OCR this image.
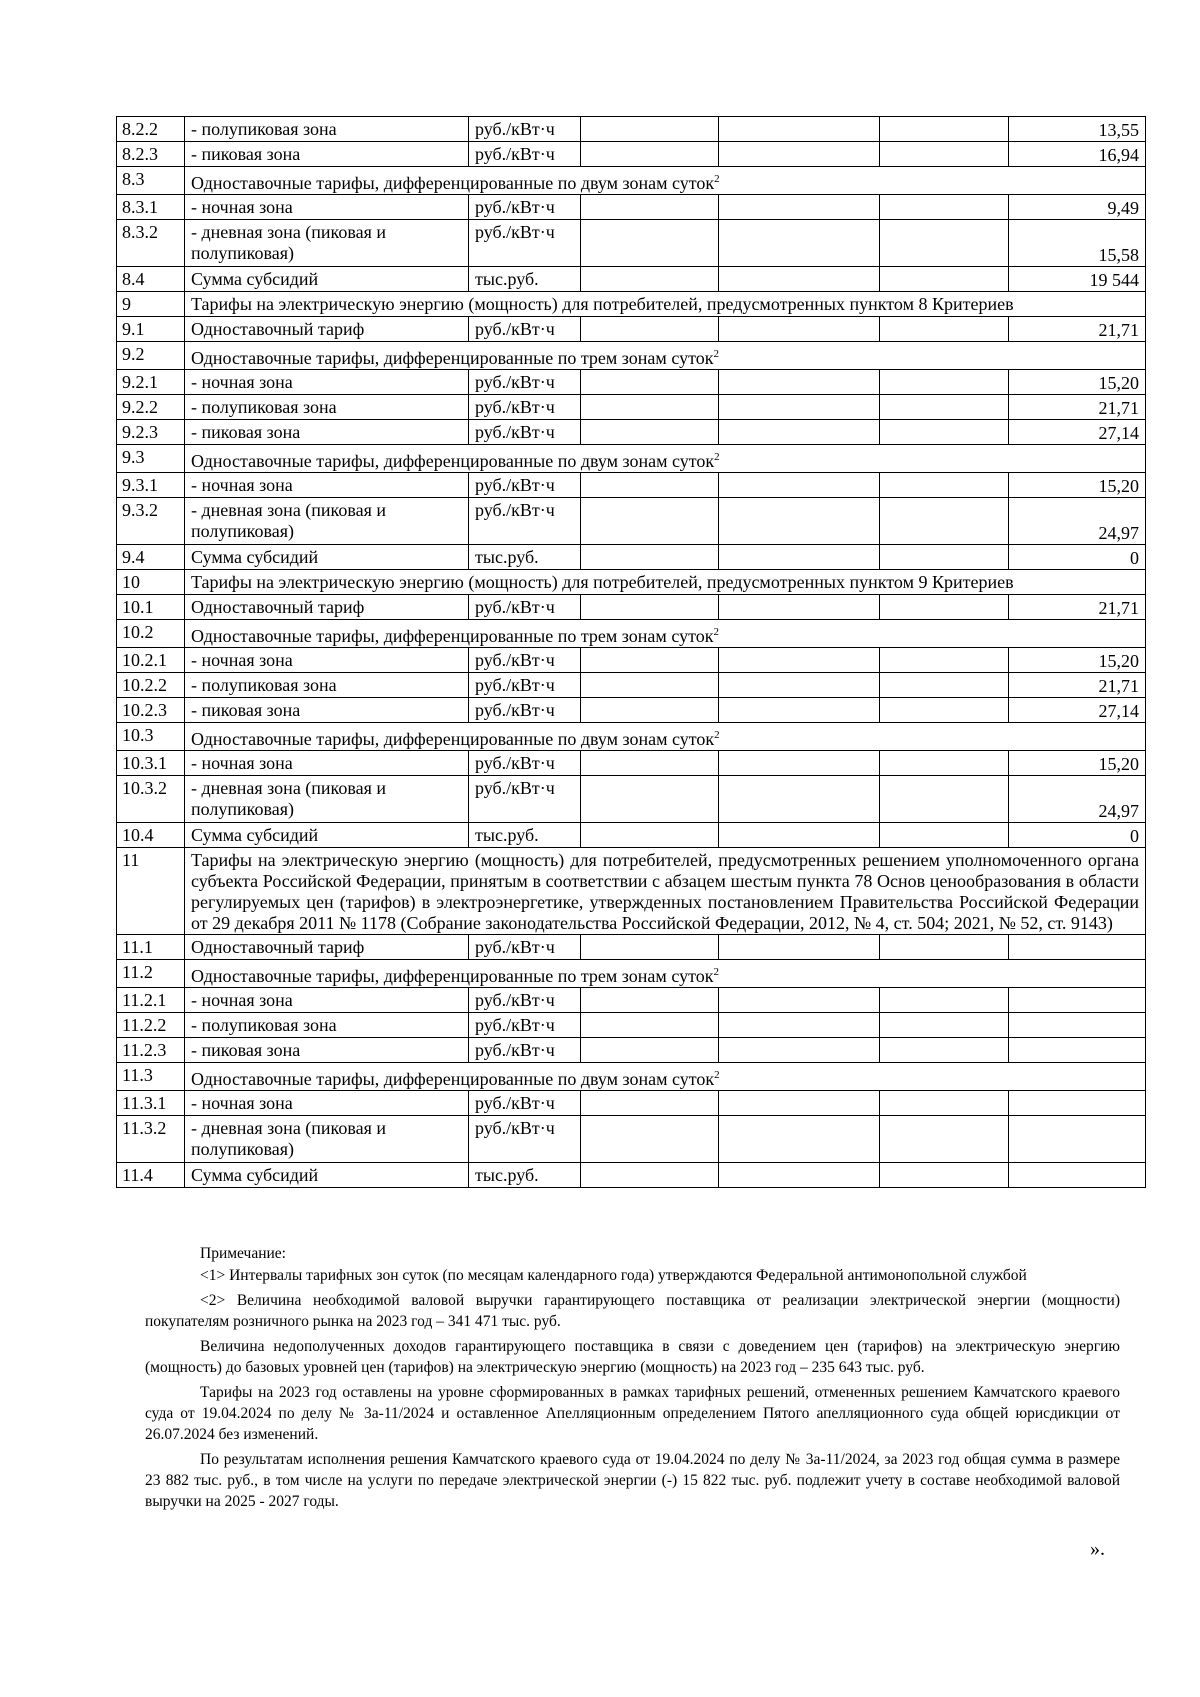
8.2.2	- полупиковая зона	руб./кВт·ч				13,55
8.2.3	- пиковая зона	руб./кВт·ч				16,94
8.3	Одноставочные тарифы, дифференцированные по двум зонам суток$^2$
8.3.1	- ночная зона	руб./кВт·ч				9,49
8.3.2	- дневная зона (пиковая и полупиковая)	руб./кВт·ч				15,58
8.4	Сумма субсидий	тыс.руб.				19 544
9	Тарифы на электрическую энергию (мощность) для потребителей, предусмотренных пунктом 8 Критериев					
9.1	Одноставочный тариф	руб./кВт·ч				21,71
9.2	Одноставочные тарифы, дифференцированные по трем зонам суток$^2$
9.2.1	- ночная зона	руб./кВт·ч				15,20
9.2.2	- полупиковая зона	руб./кВт·ч				21,71
9.2.3	- пиковая зона	руб./кВт·ч				27,14
9.3	Одноставочные тарифы, дифференцированные по двум зонам суток$^2$
9.3.1	- ночная зона	руб./кВт·ч				15,20
9.3.2	- дневная зона (пиковая и полупиковая)	руб./кВт·ч				24,97
9.4	Сумма субсидий	тыс.руб.				0
10	Тарифы на электрическую энергию (мощность) для потребителей, предусмотренных пунктом 9 Критериев					
10.1	Одноставочный тариф	руб./кВт·ч				21,71
10.2	Одноставочные тарифы, дифференцированные по трем зонам суток$^2$
10.2.1	- ночная зона	руб./кВт·ч				15,20
10.2.2	- полупиковая зона	руб./кВт·ч				21,71
10.2.3	- пиковая зона	руб./кВт·ч				27,14
10.3	Одноставочные тарифы, дифференцированные по двум зонам суток$^2$
10.3.1	- ночная зона	руб./кВт·ч				15,20
10.3.2	- дневная зона (пиковая и полупиковая)	руб./кВт·ч				24,97
10.4	Сумма субсидий	тыс.руб.				0
11	Тарифы на электрическую энергию (мощность) для потребителей, предусмотренных решением уполномоченного органа субъекта Российской Федерации, принятым в соответствии с абзацем шестым пункта 78 Основ ценообразования в области регулируемых цен (тарифов) в электроэнергетике, утвержденных постановлением Правительства Российской Федерации от 29 декабря 2011 № 1178 (Собрание законодательства Российской Федерации, 2012, № 4, ст. 504; 2021, № 52, ст. 9143)					
11.1	Одноставочный тариф	руб./кВт·ч				
11.2	Одноставочные тарифы, дифференцированные по трем зонам суток$^2$
11.2.1	- ночная зона	руб./кВт·ч				
11.2.2	- полупиковая зона	руб./кВт·ч				
11.2.3	- пиковая зона	руб./кВт·ч				
11.3	Одноставочные тарифы, дифференцированные по двум зонам суток$^2$
11.3.1	- ночная зона	руб./кВт·ч				
11.3.2	- дневная зона (пиковая и полупиковая)	руб./кВт·ч				
11.4	Сумма субсидий	тыс.руб.				

Примечание:

<1> Интервалы тарифных зон суток (по месяцам календарного года) утверждаются Федеральной антимонопольной службой

<2> Величина необходимой валовой выручки гарантирующего поставщика от реализации электрической энергии (мощности) покупателям розничного рынка на 2023 год – 341 471 тыс. руб.

Величина недополученных доходов гарантирующего поставщика в связи с доведением цен (тарифов) на электрическую энергию (мощность) до базовых уровней цен (тарифов) на электрическую энергию (мощность) на 2023 год – 235 643 тыс. руб.

Тарифы на 2023 год оставлены на уровне сформированных в рамках тарифных решений, отмененных решением Камчатского краевого суда от 19.04.2024 по делу № 3а-11/2024 и оставленное Апелляционным определением Пятого апелляционного суда общей юрисдикции от 26.07.2024 без изменений.

По результатам исполнения решения Камчатского краевого суда от 19.04.2024 по делу № 3а-11/2024, за 2023 год общая сумма в размере 23 882 тыс. руб., в том числе на услуги по передаче электрической энергии (-) 15 822 тыс. руб. подлежит учету в составе необходимой валовой выручки на 2025 - 2027 годы.

».
